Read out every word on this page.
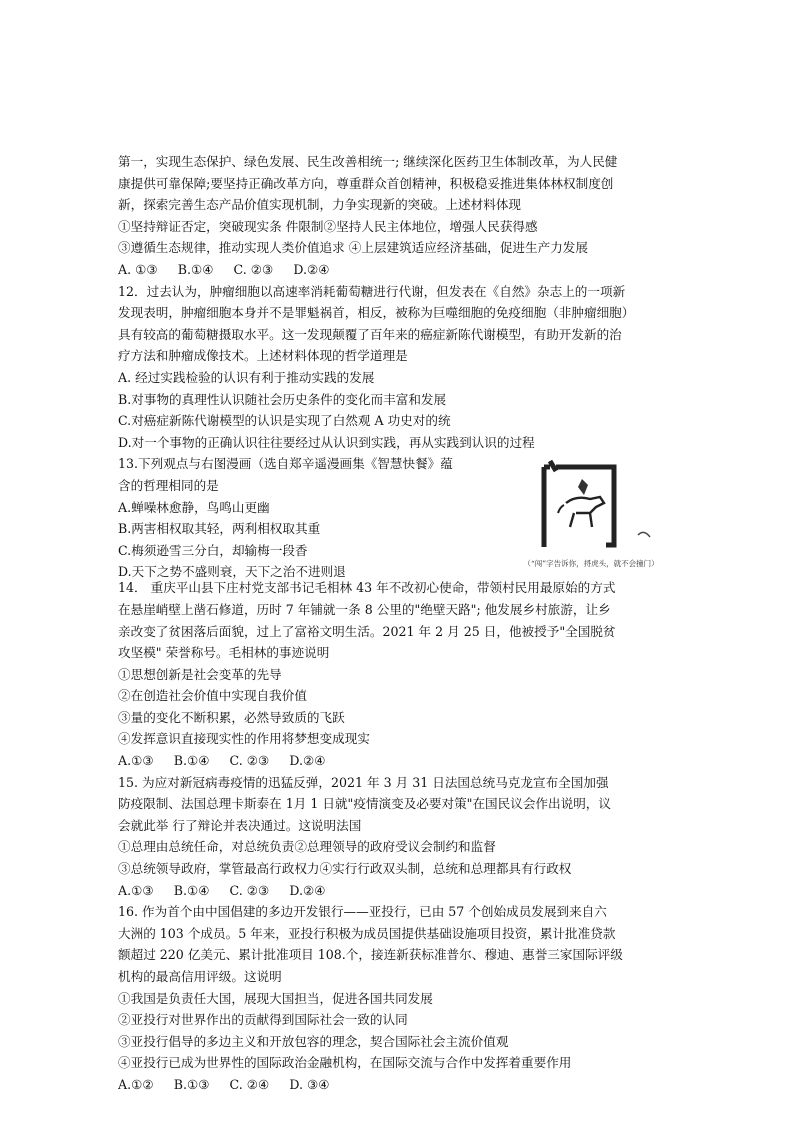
第一，实现生态保护、绿色发展、民生改善相统一; 继续深化医药卫生体制改革，为人民健
康提供可靠保障;要坚持正确改革方向，尊重群众首创精神，积极稳妥推进集体林权制度创
新，探索完善生态产品价值实现机制，力争实现新的突破。上述材料体现
①坚持辩证否定，突破现实条 件限制②坚持人民主体地位，增强人民获得感
③遵循生态规律，推动实现人类价值追求 ④上层建筑适应经济基础，促进生产力发展
A. ①③ B.①④ C. ②③ D.②④
12．过去认为，肿瘤细胞以高速率消耗葡萄糖进行代谢，但发表在《自然》杂志上的一项新
发现表明，肿瘤细胞本身并不是罪魁祸首，相反，被称为巨噬细胞的免疫细胞（非肿瘤细胞）
具有较高的葡萄糖摄取水平。这一发现颠覆了百年来的癌症新陈代谢模型，有助开发新的治
疗方法和肿瘤成像技术。上述材料体现的哲学道理是
A. 经过实践检验的认识有利于推动实践的发展
B.对事物的真理性认识随社会历史条件的变化而丰富和发展
C.对癌症新陈代谢模型的认识是实现了白然观 A 功史对的统
D.对一个事物的正确认识往往要经过从认识到实践，再从实践到认识的过程
13.下列观点与右图漫画（选自郑辛遥漫画集《智慧快餐》蕴
含的哲理相同的是
A.蝉噪林愈静，鸟鸣山更幽
B.两害相权取其轻，两利相权取其重
C.梅须逊雪三分白，却输梅一段香
D.天下之势不盛则衰，天下之治不进则退
（“闯”字告诉你，捋虎头，就不会撞门）
14． 重庆平山县下庄村党支部书记毛相林 43 年不改初心使命，带领村民用最原始的方式
在悬崖峭壁上凿石修道，历时 7 年铺就一条 8 公里的"绝壁天路"; 他发展乡村旅游，让乡
亲改变了贫困落后面貌，过上了富裕文明生活。2021 年 2 月 25 日，他被授予"全国脱贫
攻坚模" 荣誉称号。毛相林的事迹说明
①思想创新是社会变革的先导
②在创造社会价值中实现自我价值
③量的变化不断积累，必然导致质的飞跃
④发挥意识直接现实性的作用将梦想变成现实
A.①③ B.①④ C. ②③ D.②④
15. 为应对新冠病毒疫情的迅猛反弹，2021 年 3 月 31 日法国总统马克龙宣布全国加强
防疫限制、法国总理卡斯泰在 1月 1 日就"疫情演变及必要对策"在国民议会作出说明，议
会就此举 行了辩论并表决通过。这说明法国
①总理由总统任命，对总统负责②总理领导的政府受议会制约和监督
③总统领导政府，掌管最高行政权力④实行行政双头制，总统和总理都具有行政权
A.①③ B.①④ C. ②③ D.②④
16. 作为首个由中国倡建的多边开发银行——亚投行，已由 57 个创始成员发展到来自六
大洲的 103 个成员。5 年来，亚投行积极为成员国提供基础设施项目投资，累计批准贷款
额超过 220 亿美元、累计批准项目 108.个，接连新获标准普尔、穆迪、惠誉三家国际评级
机构的最高信用评级。这说明
①我国是负责任大国，展现大国担当，促进各国共同发展
②亚投行对世界作出的贡献得到国际社会一致的认同
③亚投行倡导的多边主义和开放包容的理念，契合国际社会主流价值观
④亚投行已成为世界性的国际政治金融机构，在国际交流与合作中发挥着重要作用
A.①② B.①③ C. ②④ D. ③④
